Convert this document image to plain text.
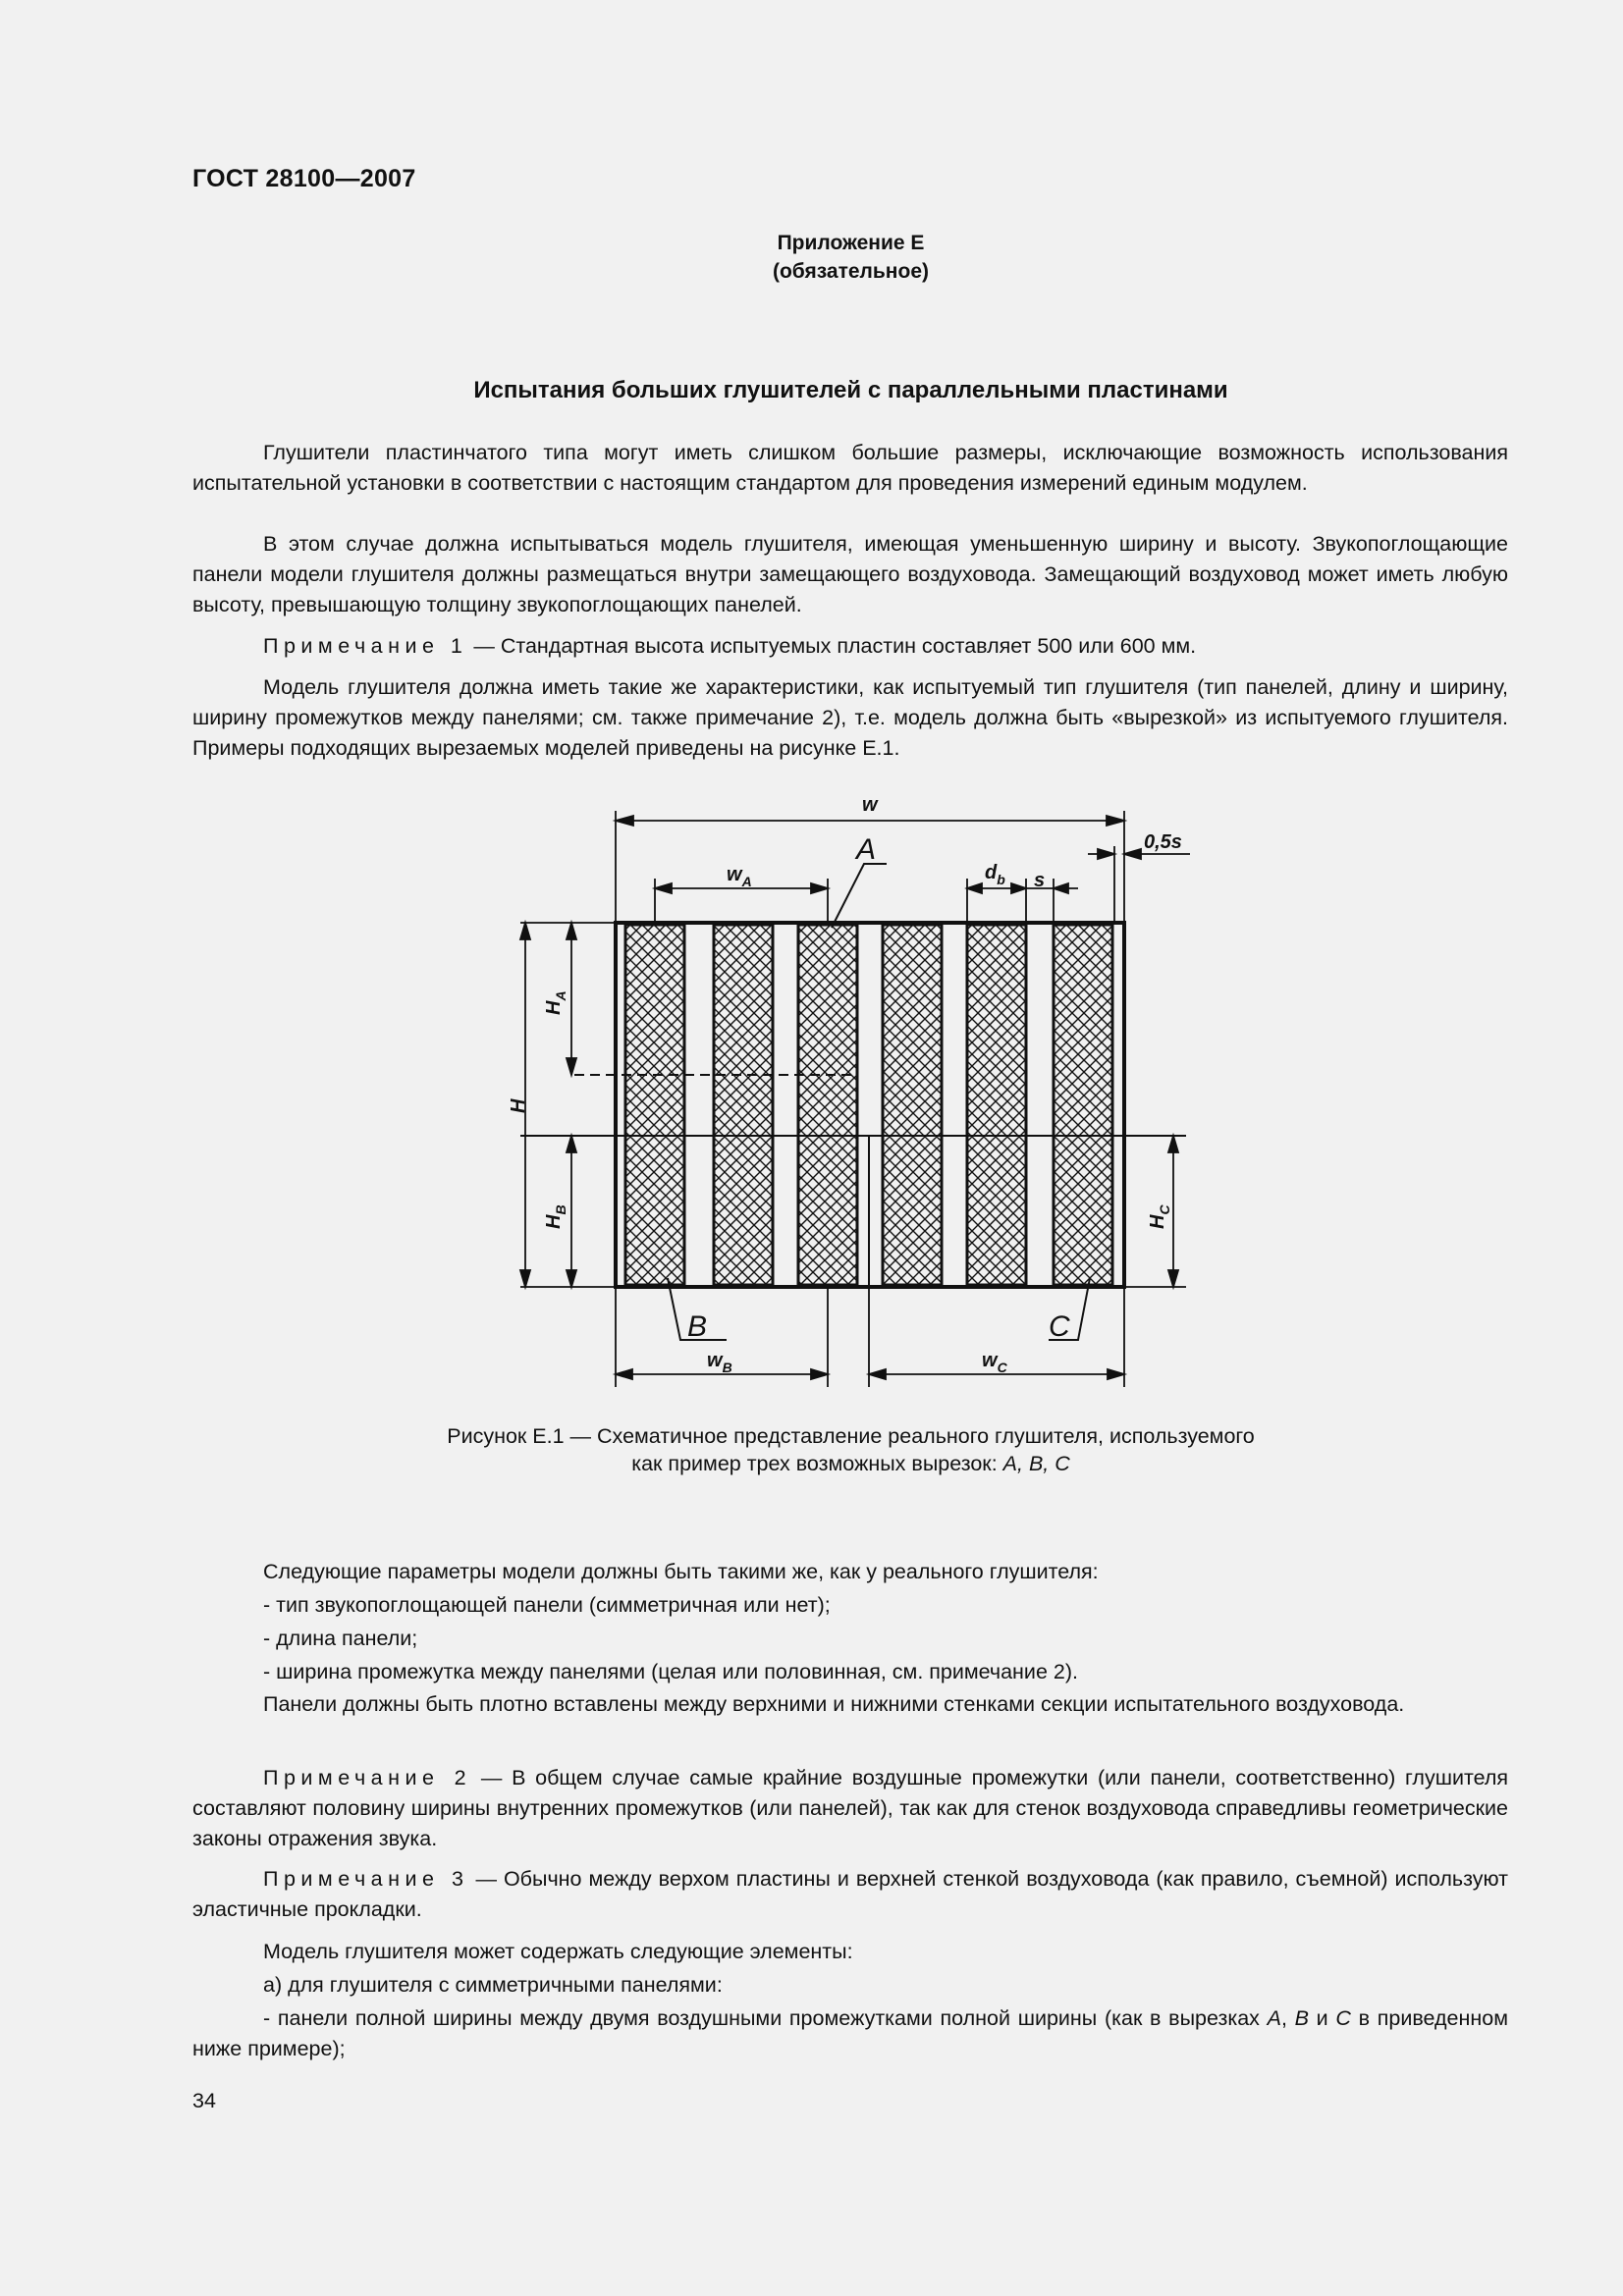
ГОСТ 28100—2007
Приложение Е
(обязательное)
Испытания больших глушителей с параллельными пластинами
Глушители пластинчатого типа могут иметь слишком большие размеры, исключающие возможность использования испытательной установки в соответствии с настоящим стандартом для проведения измерений единым модулем.
В этом случае должна испытываться модель глушителя, имеющая уменьшенную ширину и высоту. Звукопоглощающие панели модели глушителя должны размещаться внутри замещающего воздуховода. Замещающий воздуховод может иметь любую высоту, превышающую толщину звукопоглощающих панелей.
Примечание 1 — Стандартная высота испытуемых пластин составляет 500 или 600 мм.
Модель глушителя должна иметь такие же характеристики, как испытуемый тип глушителя (тип панелей, длину и ширину, ширину промежутков между панелями; см. также примечание 2), т.е. модель должна быть «вырезкой» из испытуемого глушителя. Примеры подходящих вырезаемых моделей приведены на рисунке Е.1.
w
0,5s
A
$w_A$	$d_b$ s
H
$H_A$
$H_B$
$H_C$
B	C
$w_B$	$w_C$
Рисунок Е.1 — Схематичное представление реального глушителя, используемого
как пример трех возможных вырезок: А, В, С
Следующие параметры модели должны быть такими же, как у реального глушителя:
- тип звукопоглощающей панели (симметричная или нет);
- длина панели;
- ширина промежутка между панелями (целая или половинная, см. примечание 2).
Панели должны быть плотно вставлены между верхними и нижними стенками секции испытательного воздуховода.
Примечание 2 — В общем случае самые крайние воздушные промежутки (или панели, соответственно) глушителя составляют половину ширины внутренних промежутков (или панелей), так как для стенок воздуховода справедливы геометрические законы отражения звука.
Примечание 3 — Обычно между верхом пластины и верхней стенкой воздуховода (как правило, съемной) используют эластичные прокладки.
Модель глушителя может содержать следующие элементы:
а) для глушителя с симметричными панелями:
- панели полной ширины между двумя воздушными промежутками полной ширины (как в вырезках А, В и С в приведенном ниже примере);
34
